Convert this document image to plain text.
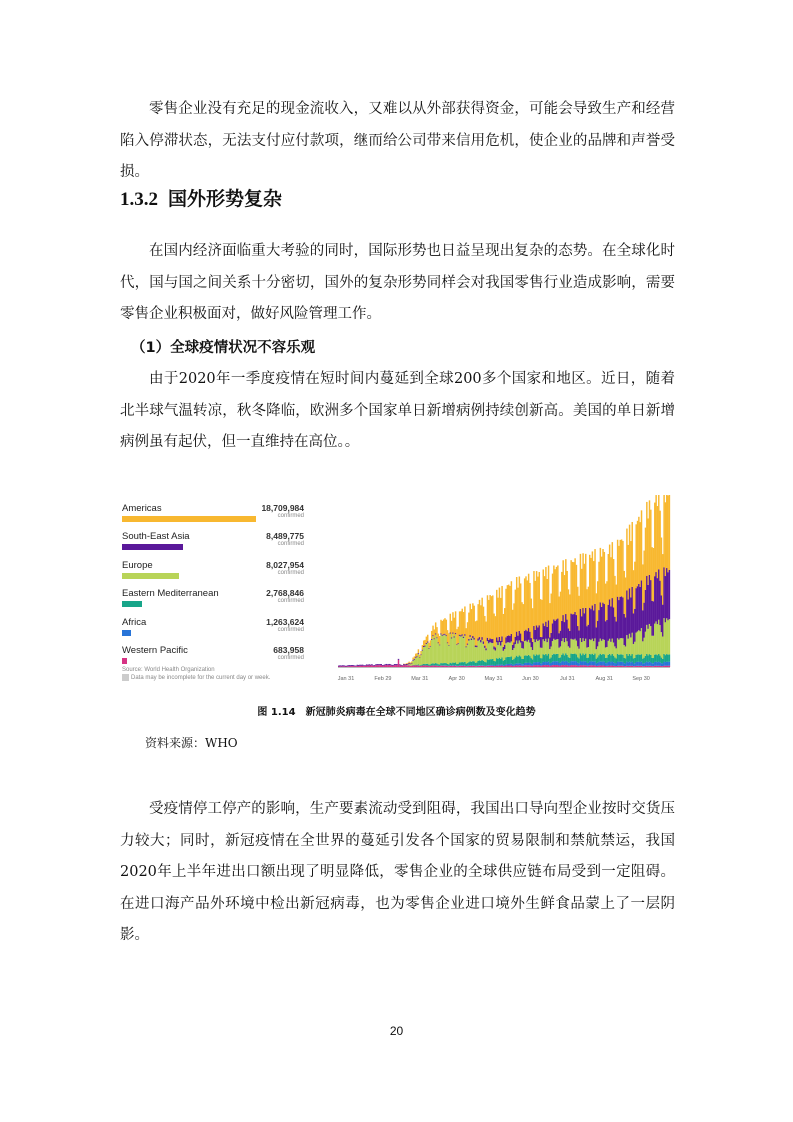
零售企业没有充足的现金流收入，又难以从外部获得资金，可能会导致生产和经营陷入停滞状态，无法支付应付款项，继而给公司带来信用危机，使企业的品牌和声誉受损。

1.3.2 国外形势复杂

在国内经济面临重大考验的同时，国际形势也日益呈现出复杂的态势。在全球化时代，国与国之间关系十分密切，国外的复杂形势同样会对我国零售行业造成影响，需要零售企业积极面对，做好风险管理工作。

（1）全球疫情状况不容乐观

由于2020年一季度疫情在短时间内蔓延到全球200多个国家和地区。近日，随着北半球气温转凉，秋冬降临，欧洲多个国家单日新增病例持续创新高。美国的单日新增病例虽有起伏，但一直维持在高位。。

Americas	18,709,984
confirmed
South-East Asia	8,489,775
confirmed
Europe	8,027,954
confirmed
Eastern Mediterranean	2,768,846
confirmed
Africa	1,263,624
confirmed
Western Pacific	683,958
confirmed
Source: World Health Organization
Data may be incomplete for the current day or week.	Jan 31	Feb 29	Mar 31	Apr 30	May 31	Jun 30	Jul 31	Aug 31	Sep 30

图 1.14　新冠肺炎病毒在全球不同地区确诊病例数及变化趋势

资料来源：WHO

受疫情停工停产的影响，生产要素流动受到阻碍，我国出口导向型企业按时交货压力较大；同时，新冠疫情在全世界的蔓延引发各个国家的贸易限制和禁航禁运，我国2020年上半年进出口额出现了明显降低，零售企业的全球供应链布局受到一定阻碍。在进口海产品外环境中检出新冠病毒，也为零售企业进口境外生鲜食品蒙上了一层阴影。

20
